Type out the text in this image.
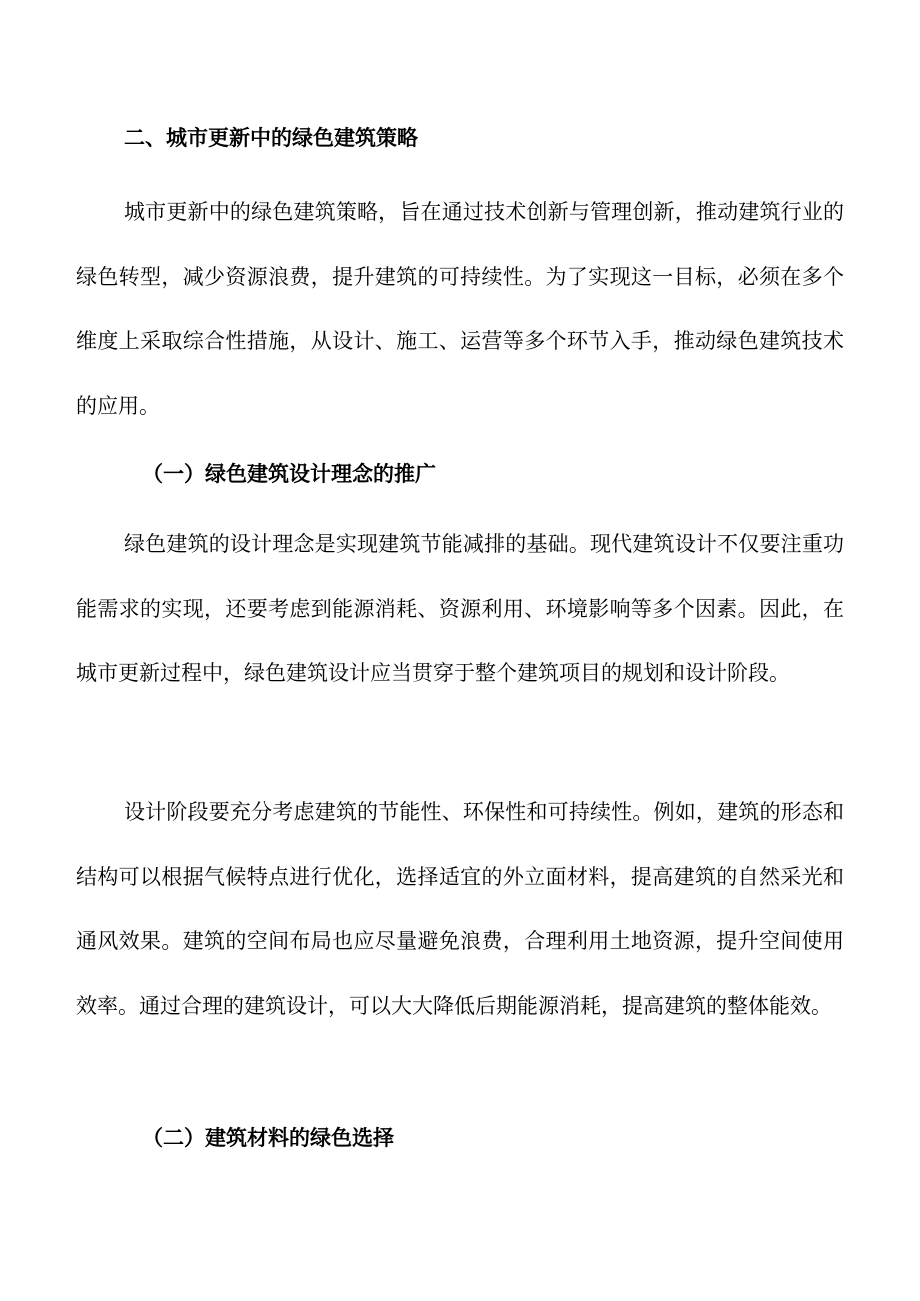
二、城市更新中的绿色建筑策略

城市更新中的绿色建筑策略，旨在通过技术创新与管理创新，推动建筑行业的绿色转型，减少资源浪费，提升建筑的可持续性。为了实现这一目标，必须在多个维度上采取综合性措施，从设计、施工、运营等多个环节入手，推动绿色建筑技术的应用。

（一）绿色建筑设计理念的推广

绿色建筑的设计理念是实现建筑节能减排的基础。现代建筑设计不仅要注重功能需求的实现，还要考虑到能源消耗、资源利用、环境影响等多个因素。因此，在城市更新过程中，绿色建筑设计应当贯穿于整个建筑项目的规划和设计阶段。

设计阶段要充分考虑建筑的节能性、环保性和可持续性。例如，建筑的形态和结构可以根据气候特点进行优化，选择适宜的外立面材料，提高建筑的自然采光和通风效果。建筑的空间布局也应尽量避免浪费，合理利用土地资源，提升空间使用效率。通过合理的建筑设计，可以大大降低后期能源消耗，提高建筑的整体能效。

（二）建筑材料的绿色选择
